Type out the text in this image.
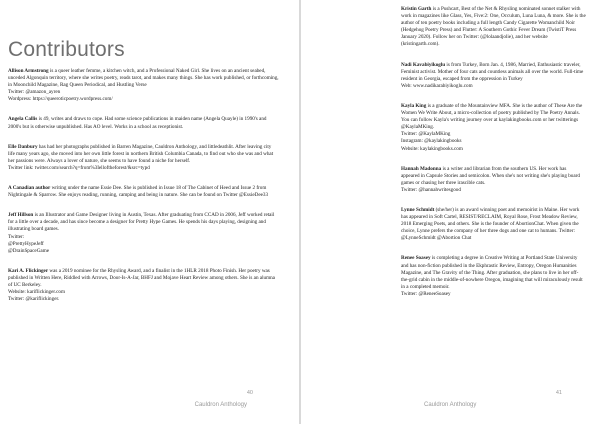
Contributors
Allison Armstrong is a queer leather femme, a kitchen witch, and a Professional Naked Girl. She lives on an ancient seabed, unceded Algonquin territory, where she writes poetry, reads tarot, and makes many things. She has work published, or forthcoming, in Moonchild Magazine, Rag Queen Periodical, and Hustling Verse
Twitter: @amazon_ayren
Wordpress: https://queeroticpoetry.wordpress.com/
Angela Callis is 49, writes and draws to cope. Had some science publications in maiden name (Angela Quayle) in 1990's and 2000's but is otherwise unpublished. Has AO level. Works in a school as receptionist.
Elle Danbury has had her photographs published in Barren Magazine, Cauldron Anthology, and littledeathlit. After leaving city life many years ago, she moved into her own little forest in northern British Columbia Canada, to find out who she was and what her passions were. Always a lover of nature, she seems to have found a niche for herself.
Twitter link: twitter.com/search?q=from%3Ielloftheforest/&src=typd
A Canadian author writing under the name Essie Dee. She is published in Issue 18 of The Cabinet of Heed and Issue 2 from Nightingale & Sparrow. She enjoys reading, running, camping and being in nature. She can be found on Twitter @EssieDee33
Jeff Hillson is an Illustrator and Game Designer living in Austin, Texas. After graduating from CCAD in 2006, Jeff worked retail for a little over a decade, and has since become a designer for Pretty Hype Games. He spends his days playing, designing and illustrating board games.
Twitter:
@PrettyHypeJeff
@DrainSpaceGame
Kari A. Flickinger was a 2019 nominee for the Rhysling Award, and a finalist in the 1HLR 2018 Photo Finish. Her poetry was published in Written Here, Riddled with Arrows, Door-Is-A-Jar, BHFJ and Mojave Heart Review among others. She is an alumna of UC Berkeley.
Website: kariflickinger.com
Twitter: @kariflickinger.
40
Cauldron Anthology
Kristin Garth is a Pushcart, Best of the Net & Rhysling nominated sonnet stalker with work in magazines like Glass, Yes, Five:2: One, Occulum, Luna Luna, & more. She is the author of ten poetry books including a full length Candy Cigarette Womanchild Noir (Hedgehog Poetry Press) and Flutter: A Southern Gothic Fever Dream (TwistiT Press January 2020). Follow her on Twitter: (@lolaandjolie), and her website (kristingarth.com).
Nadi Kavabiyikoglu is from Turkey, Born Jan. 4, 1986, Married, Enthusiastic traveler, Feminist activist. Mother of four cats and countless animals all over the world. Full-time resident in Georgia, escaped from the oppression in Turkey
Web: www.nadikarabiyikoglu.com
Kayla King is a graduate of the Mountainview MFA. She is the author of These Are the Women We Write About, a micro-collection of poetry published by The Poetry Annals. You can follow Kayla's writing journey over at kaylakingbooks.com or her twitterings @KaylaMKing.
Twitter: @KaylaMKing
Instagram: @kaylakingbooks
Website: kaylakingbooks.com
Hannah Madonna is a writer and librarian from the southern US. Her work has appeared in Capsule Stories and semicolon. When she's not writing she's playing board games or chasing her three irascible cats.
Twitter: @hannahwritesgood
Lynne Schmidt (she/her) is an award winning poet and memoirist in Maine. Her work has appeared in Soft Cartel, RESIST/RECLAIM, Royal Rose, Frost Meadow Review, 2018 Emerging Poets, and others. She is the founder of AbortionChat. When given the choice, Lynne prefers the company of her three dogs and one cat to humans. Twitter: @LynneSchmidt @Abortion Chat
Renee Soasey is completing a degree in Creative Writing at Portland State University and has non-fiction published in the Ekphrastic Review, Entropy, Oregon Humanities Magazine, and The Gravity of the Thing. After graduation, she plans to live in her off-the-grid cabin in the middle-of-nowhere Oregon, imagining that will miraculously result in a completed memoir.
Twitter: @ReneeSoasey
41
Cauldron Anthology
